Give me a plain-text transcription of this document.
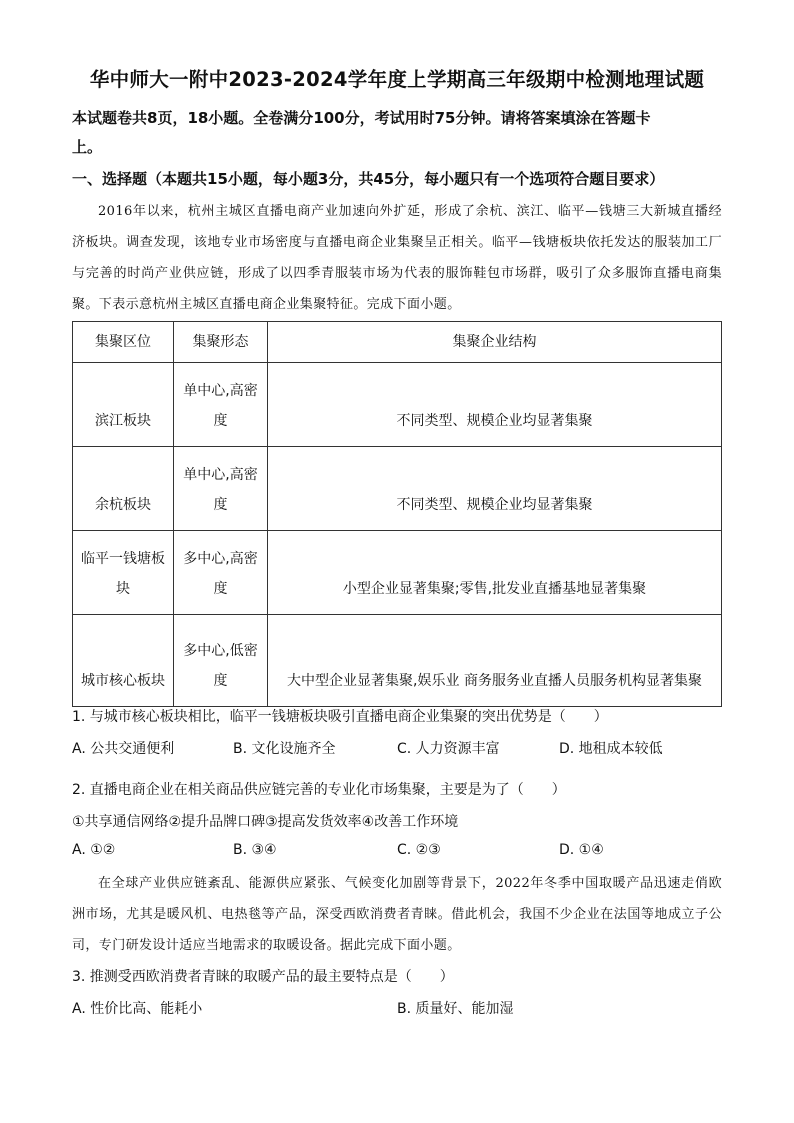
华中师大一附中2023-2024学年度上学期高三年级期中检测地理试题
本试题卷共8页，18小题。全卷满分100分，考试用时75分钟。请将答案填涂在答题卡
上。
一、选择题（本题共15小题，每小题3分，共45分，每小题只有一个选项符合题目要求）
2016年以来，杭州主城区直播电商产业加速向外扩延，形成了余杭、滨江、临平—钱塘三大新城直播经济板块。调查发现，该地专业市场密度与直播电商企业集聚呈正相关。临平—钱塘板块依托发达的服装加工厂与完善的时尚产业供应链，形成了以四季青服装市场为代表的服饰鞋包市场群，吸引了众多服饰直播电商集聚。下表示意杭州主城区直播电商企业集聚特征。完成下面小题。
集聚区位	集聚形态	集聚企业结构
滨江板块	单中心,高密度	不同类型、规模企业均显著集聚
余杭板块	单中心,高密度	不同类型、规模企业均显著集聚
临平一钱塘板块	多中心,高密度	小型企业显著集聚;零售,批发业直播基地显著集聚
城市核心板块	多中心,低密度	大中型企业显著集聚,娱乐业 商务服务业直播人员服务机构显著集聚
1. 与城市核心板块相比，临平一钱塘板块吸引直播电商企业集聚的突出优势是（　　）
A. 公共交通便利	B. 文化设施齐全	C. 人力资源丰富	D. 地租成本较低
2. 直播电商企业在相关商品供应链完善的专业化市场集聚，主要是为了（　　）
①共享通信网络②提升品牌口碑③提高发货效率④改善工作环境
A. ①②	B. ③④	C. ②③	D. ①④
在全球产业供应链紊乱、能源供应紧张、气候变化加剧等背景下，2022年冬季中国取暖产品迅速走俏欧洲市场，尤其是暖风机、电热毯等产品，深受西欧消费者青睐。借此机会，我国不少企业在法国等地成立子公司，专门研发设计适应当地需求的取暖设备。据此完成下面小题。
3. 推测受西欧消费者青睐的取暖产品的最主要特点是（　　）
A. 性价比高、能耗小	B. 质量好、能加湿
